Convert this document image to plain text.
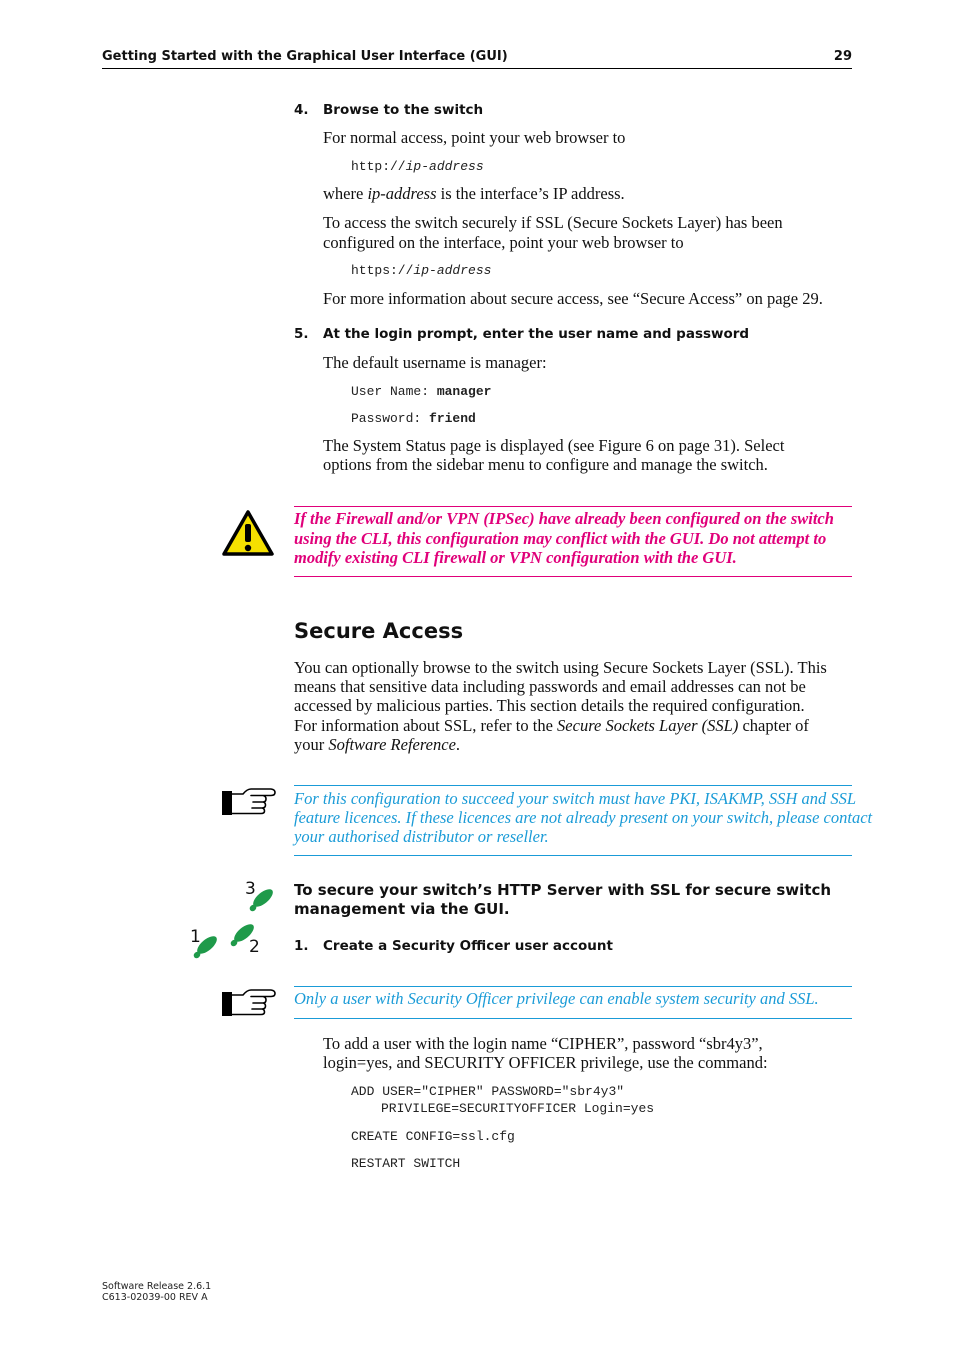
Getting Started with the Graphical User Interface (GUI)	29
4. Browse to the switch
For normal access, point your web browser to
http://ip-address
where ip-address is the interface’s IP address.
To access the switch securely if SSL (Secure Sockets Layer) has been
configured on the interface, point your web browser to
https://ip-address
For more information about secure access, see “Secure Access” on page 29.
5. At the login prompt, enter the user name and password
The default username is manager:
User Name: manager
Password: friend
The System Status page is displayed (see Figure 6 on page 31). Select
options from the sidebar menu to configure and manage the switch.
If the Firewall and/or VPN (IPSec) have already been configured on the switch
using the CLI, this configuration may conflict with the GUI. Do not attempt to
modify existing CLI firewall or VPN configuration with the GUI.
Secure Access
You can optionally browse to the switch using Secure Sockets Layer (SSL). This
means that sensitive data including passwords and email addresses can not be
accessed by malicious parties. This section details the required configuration.
For information about SSL, refer to the Secure Sockets Layer (SSL) chapter of
your Software Reference.
For this configuration to succeed your switch must have PKI, ISAKMP, SSH and SSL
feature licences. If these licences are not already present on your switch, please contact
your authorised distributor or reseller.
3
1	2
To secure your switch’s HTTP Server with SSL for secure switch
management via the GUI.
1. Create a Security Officer user account
Only a user with Security Officer privilege can enable system security and SSL.
To add a user with the login name “CIPHER”, password “sbr4y3”,
login=yes, and SECURITY OFFICER privilege, use the command:
ADD USER="CIPHER" PASSWORD="sbr4y3"
PRIVILEGE=SECURITYOFFICER Login=yes
CREATE CONFIG=ssl.cfg
RESTART SWITCH
Software Release 2.6.1
C613-02039-00 REV A
